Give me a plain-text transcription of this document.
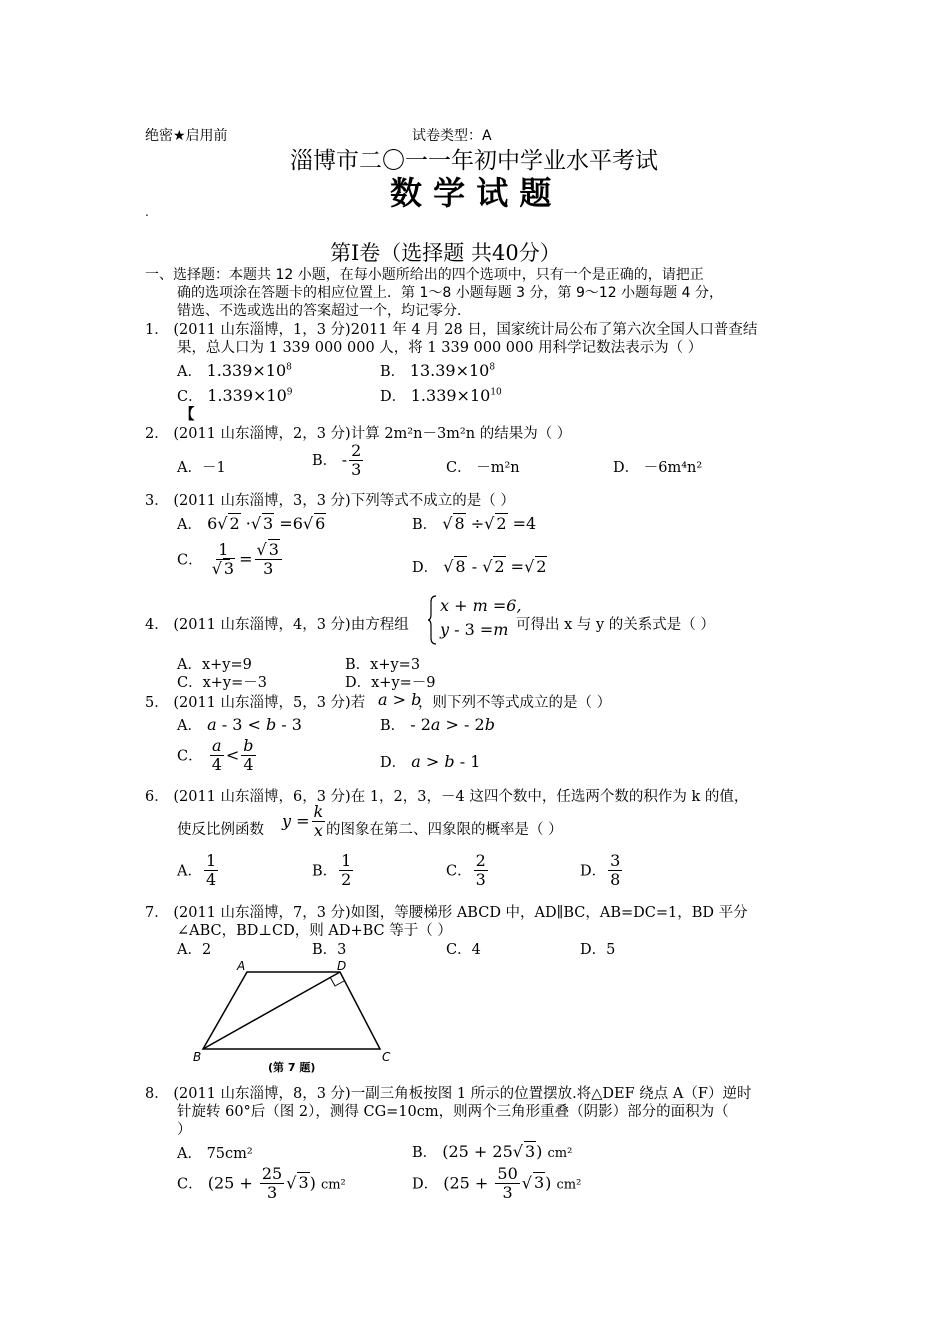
绝密★启用前	试卷类型：A
淄博市二〇一一年初中学业水平考试
数 学 试 题
.
第Ⅰ卷（选择题 共40分）
一、选择题：本题共 12 小题，在每小题所给出的四个选项中，只有一个是正确的，请把正
确的选项涂在答题卡的相应位置上．第 1～8 小题每题 3 分，第 9～12 小题每题 4 分，
错选、不选或选出的答案超过一个，均记零分．
1． (2011 山东淄博，1，3 分)2011 年 4 月 28 日，国家统计局公布了第六次全国人口普查结
果，总人口为 1 339 000 000 人，将 1 339 000 000 用科学记数法表示为（ ）
A． $1.339\times 10^8$	B． $13.39\times 10^8$
C． $1.339\times 10^9$	D． $1.339\times 10^{10}$
【
2． (2011 山东淄博，2，3 分)计算 2m²n－3m²n 的结果为（ ）
A．－1	B． - $\frac{2}{3}$	C． －m²n	D． －6m⁴n²
3． (2011 山东淄博，3，3 分)下列等式不成立的是（ ）
A． 6√ 2 ·√ 3 =6√ 6	B． √ 8 ÷√ 2 =4
C． $\frac{1}{√ 3} = \frac{√ 3}{3}$	D． √ 8 - √ 2 =√ 2
4． (2011 山东淄博，4，3 分)由方程组
x + m =6,
y - 3 =m 可得出 x 与 y 的关系式是（ ）
A．x+y=9	B．x+y=3
C．x+y=－3	D．x+y=－9
5． (2011 山东淄博，5，3 分)若 a > b
，则下列不等式成立的是（ ）
A． a - 3 < b - 3	B． - 2a > - 2b
C． $\frac{a}{4} < \frac{b}{4}$	D． a > b - 1
6． (2011 山东淄博，6，3 分)在 1，2，3，－4 这四个数中，任选两个数的积作为 k 的值，
使反比例函数 $y = \frac{k}{x}$ 的图象在第二、四象限的概率是（ ）
A． $\frac{1}{4}$	B． $\frac{1}{2}$	C． $\frac{2}{3}$	D． $\frac{3}{8}$
7． (2011 山东淄博，7，3 分)如图，等腰梯形 ABCD 中，AD∥BC，AB=DC=1，BD 平分
∠ABC，BD⊥CD，则 AD+BC 等于（ ）
A．2	B．3	C．4	D．5
A	D
B	C
(第 7 题)
8． (2011 山东淄博，8，3 分)一副三角板按图 1 所示的位置摆放.将△DEF 绕点 A（F）逆时
针旋转 60°后（图 2），测得 CG=10cm，则两个三角形重叠（阴影）部分的面积为（
）
A． 75cm²	B． (25 + 25√ 3) cm²
C． ($25 + \frac{25}{3}$ √ 3) cm²	D． ($25 + \frac{50}{3}$ √ 3) cm²
